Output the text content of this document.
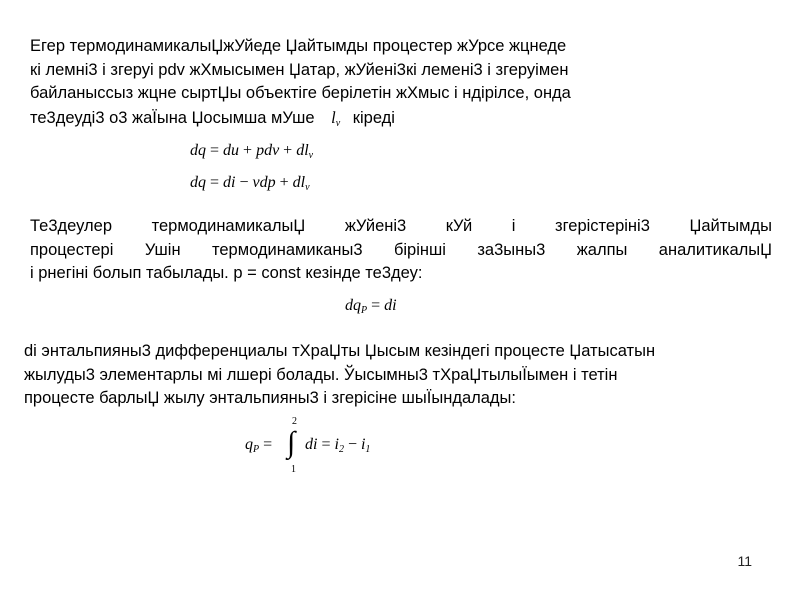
Егер термодинамикалыЏжУйеде Џайтымды процестер жУрсе жцнеде
кі лемні3 і згеруі pdv жХмысымен Џатар, жУйені3кі лемені3 і згеруімен
байланыссыз жцне сыртЏы объектіге берілетін жХмыс і ндірілсе, онда
те3деуді3 о3 жаЇына Џосымша мУше $l_v$ кіреді
dq = du + pdv + $dl_v$
dq = di − vdp + $dl_v$
Те3деулер термодинамикалыЏ жУйені3 кУй і згерістерінi3 Џайтымды
процестері Ушін термодинамиканы3 бірінші за3ыны3 жалпы аналитикалыЏ
і рнегіні болып табылады. p = const кезінде те3деу:
$dq_P$ = di
di энтальпияны3 дифференциалы тХраЏты Џысым кезіндегі процесте Џатысатын
жылуды3 элементарлы мі лшері болады. Ўысымны3 тХраЏтылыЇымен і тетін
процесте барлыЏ жылу энтальпияны3 і згерісіне шыЇындалады:
$q_P$ =
2
∫
1
di = $i_2 - i_1$
11
